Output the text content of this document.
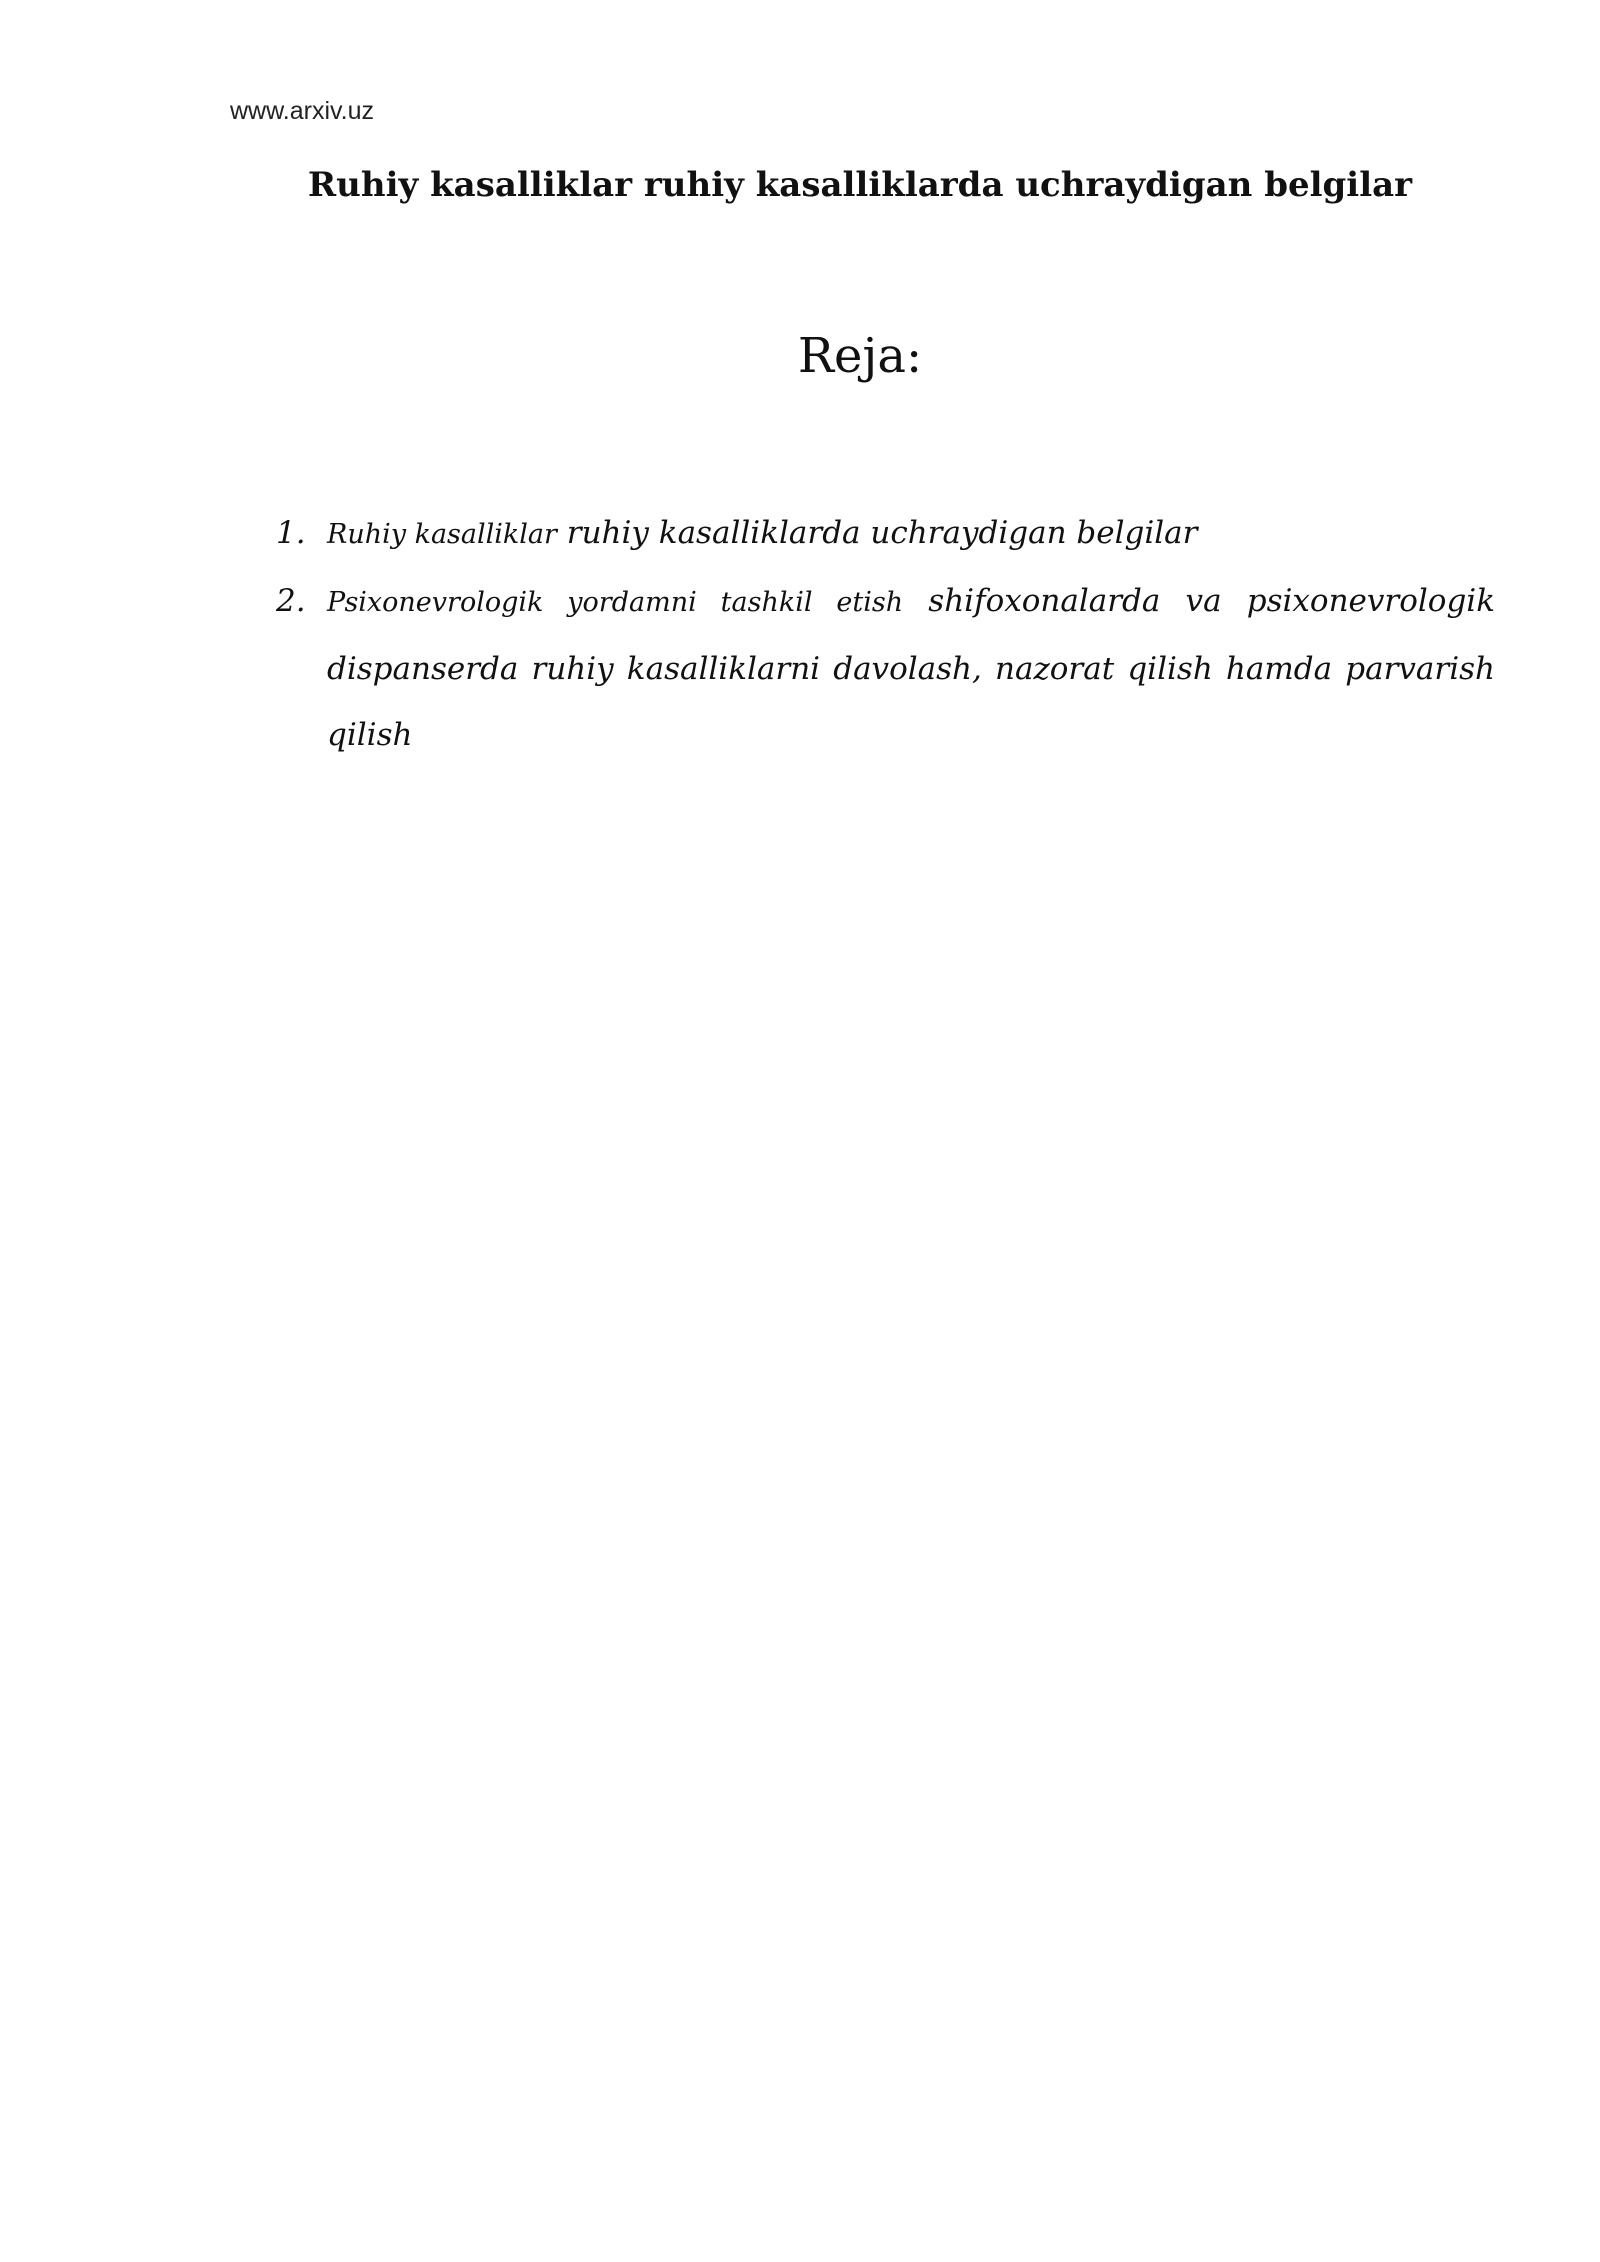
www.arxiv.uz
Ruhiy kasalliklar ruhiy kasalliklarda uchraydigan belgilar
Reja:
1. Ruhiy kasalliklar ruhiy kasalliklarda uchraydigan belgilar
2. Psixonevrologik yordamni tashkil etish shifoxonalarda va psixonevrologik dispanserda ruhiy kasalliklarni davolash, nazorat qilish hamda parvarish qilish
